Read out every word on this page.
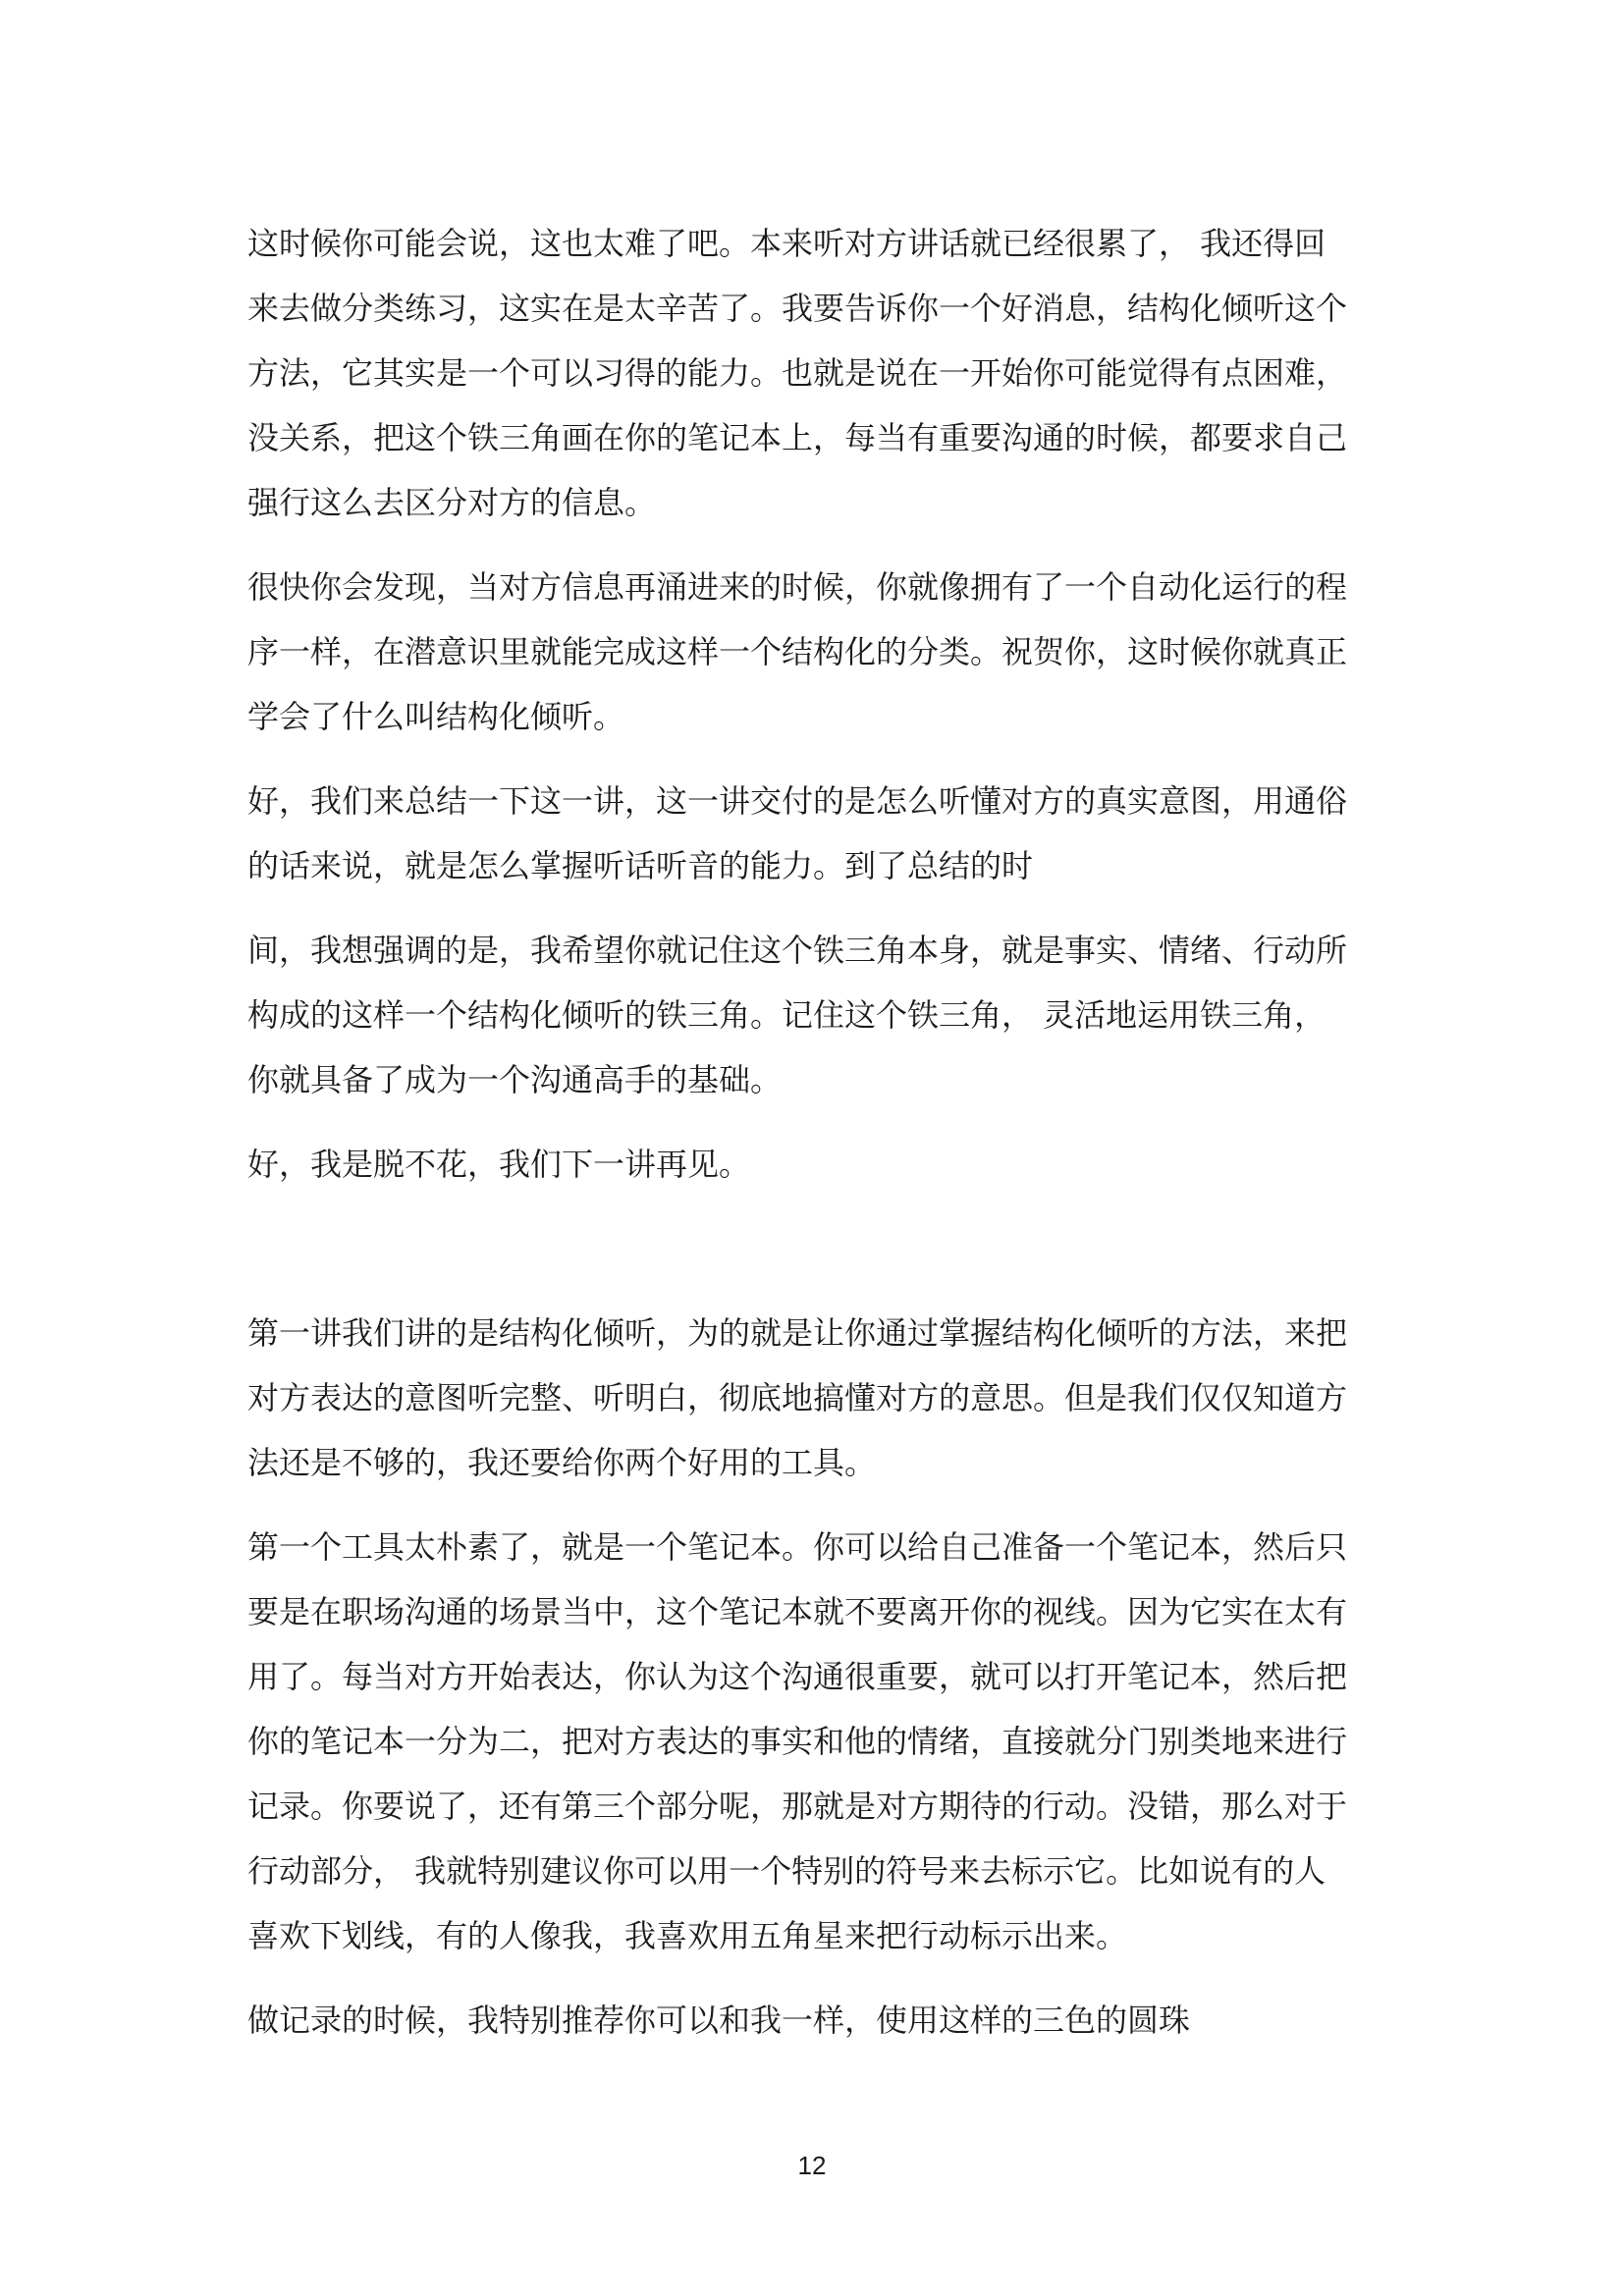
这时候你可能会说，这也太难了吧。本来听对方讲话就已经很累了， 我还得回
来去做分类练习，这实在是太辛苦了。我要告诉你一个好消息，结构化倾听这个
方法，它其实是一个可以习得的能力。也就是说在一开始你可能觉得有点困难，
没关系，把这个铁三角画在你的笔记本上，每当有重要沟通的时候，都要求自己
强行这么去区分对方的信息。
很快你会发现，当对方信息再涌进来的时候，你就像拥有了一个自动化运行的程
序一样，在潜意识里就能完成这样一个结构化的分类。祝贺你，这时候你就真正
学会了什么叫结构化倾听。
好，我们来总结一下这一讲，这一讲交付的是怎么听懂对方的真实意图，用通俗
的话来说，就是怎么掌握听话听音的能力。到了总结的时
间，我想强调的是，我希望你就记住这个铁三角本身，就是事实、情绪、行动所
构成的这样一个结构化倾听的铁三角。记住这个铁三角， 灵活地运用铁三角，
你就具备了成为一个沟通高手的基础。
好，我是脱不花，我们下一讲再见。
第一讲我们讲的是结构化倾听，为的就是让你通过掌握结构化倾听的方法，来把
对方表达的意图听完整、听明白，彻底地搞懂对方的意思。但是我们仅仅知道方
法还是不够的，我还要给你两个好用的工具。
第一个工具太朴素了，就是一个笔记本。你可以给自己准备一个笔记本，然后只
要是在职场沟通的场景当中，这个笔记本就不要离开你的视线。因为它实在太有
用了。每当对方开始表达，你认为这个沟通很重要，就可以打开笔记本，然后把
你的笔记本一分为二，把对方表达的事实和他的情绪，直接就分门别类地来进行
记录。你要说了，还有第三个部分呢，那就是对方期待的行动。没错，那么对于
行动部分， 我就特别建议你可以用一个特别的符号来去标示它。比如说有的人
喜欢下划线，有的人像我，我喜欢用五角星来把行动标示出来。
做记录的时候，我特别推荐你可以和我一样，使用这样的三色的圆珠
12
